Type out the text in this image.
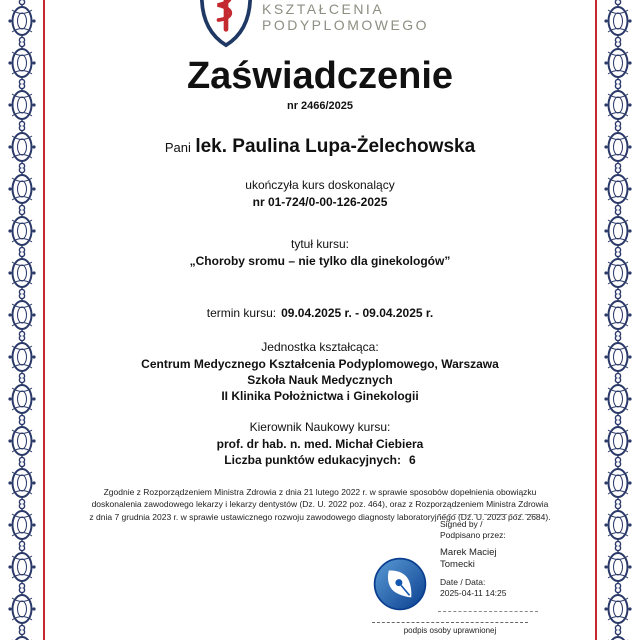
KSZTAŁCENIA
PODYPLOMOWEGO
Zaświadczenie
nr 2466/2025
Pani lek. Paulina Lupa-Żelechowska
ukończyła kurs doskonalący
nr 01-724/0-00-126-2025
tytuł kursu:
„Choroby sromu – nie tylko dla ginekologów”
termin kursu: 09.04.2025 r. - 09.04.2025 r.
Jednostka kształcąca:
Centrum Medycznego Kształcenia Podyplomowego, Warszawa
Szkoła Nauk Medycznych
II Klinika Położnictwa i Ginekologii
Kierownik Naukowy kursu:
prof. dr hab. n. med. Michał Ciebiera
Liczba punktów edukacyjnych: 6
Zgodnie z Rozporządzeniem Ministra Zdrowia z dnia 21 lutego 2022 r. w sprawie sposobów dopełnienia obowiązku doskonalenia zawodowego lekarzy i lekarzy dentystów (Dz. U. 2022 poz. 464), oraz z Rozporządzeniem Ministra Zdrowia z dnia 7 grudnia 2023 r. w sprawie ustawicznego rozwoju zawodowego diagnosty laboratoryjnego (Dz. U. 2023 poz. 2684).
Signed by /
Podpisano przez:
Marek Maciej
Tomecki
Date / Data:
2025-04-11 14:25
podpis osoby uprawnionej
